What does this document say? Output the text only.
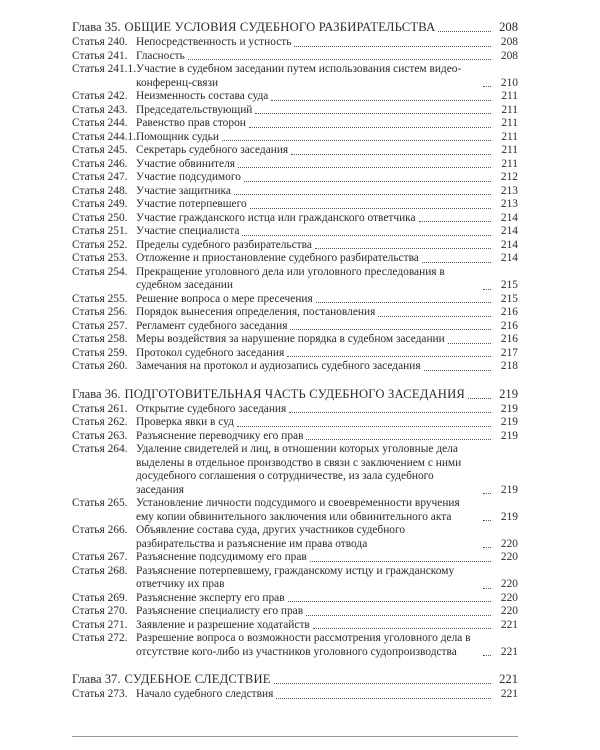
Глава 35. ОБЩИЕ УСЛОВИЯ СУДЕБНОГО РАЗБИРАТЕЛЬСТВА	208
Статья 240. Непосредственность и устность	208
Статья 241. Гласность	208
Статья 241.1. Участие в судебном заседании путем использования систем видео-конференц-связи	210
Статья 242. Неизменность состава суда	211
Статья 243. Председательствующий	211
Статья 244. Равенство прав сторон	211
Статья 244.1. Помощник судьи	211
Статья 245. Секретарь судебного заседания	211
Статья 246. Участие обвинителя	211
Статья 247. Участие подсудимого	212
Статья 248. Участие защитника	213
Статья 249. Участие потерпевшего	213
Статья 250. Участие гражданского истца или гражданского ответчика	214
Статья 251. Участие специалиста	214
Статья 252. Пределы судебного разбирательства	214
Статья 253. Отложение и приостановление судебного разбирательства	214
Статья 254. Прекращение уголовного дела или уголовного преследования в судебном заседании	215
Статья 255. Решение вопроса о мере пресечения	215
Статья 256. Порядок вынесения определения, постановления	216
Статья 257. Регламент судебного заседания	216
Статья 258. Меры воздействия за нарушение порядка в судебном заседании	216
Статья 259. Протокол судебного заседания	217
Статья 260. Замечания на протокол и аудиозапись судебного заседания	218
Глава 36. ПОДГОТОВИТЕЛЬНАЯ ЧАСТЬ СУДЕБНОГО ЗАСЕДАНИЯ	219
Статья 261. Открытие судебного заседания	219
Статья 262. Проверка явки в суд	219
Статья 263. Разъяснение переводчику его прав	219
Статья 264. Удаление свидетелей и лиц, в отношении которых уголовные дела выделены в отдельное производство в связи с заключением с ними досудебного соглашения о сотрудничестве, из зала судебного заседания	219
Статья 265. Установление личности подсудимого и своевременности вручения ему копии обвинительного заключения или обвинительного акта	219
Статья 266. Объявление состава суда, других участников судебного разбирательства и разъяснение им права отвода	220
Статья 267. Разъяснение подсудимому его прав	220
Статья 268. Разъяснение потерпевшему, гражданскому истцу и гражданскому ответчику их прав	220
Статья 269. Разъяснение эксперту его прав	220
Статья 270. Разъяснение специалисту его прав	220
Статья 271. Заявление и разрешение ходатайств	221
Статья 272. Разрешение вопроса о возможности рассмотрения уголовного дела в отсутствие кого-либо из участников уголовного судопроизводства	221
Глава 37. СУДЕБНОЕ СЛЕДСТВИЕ	221
Статья 273. Начало судебного следствия	221
